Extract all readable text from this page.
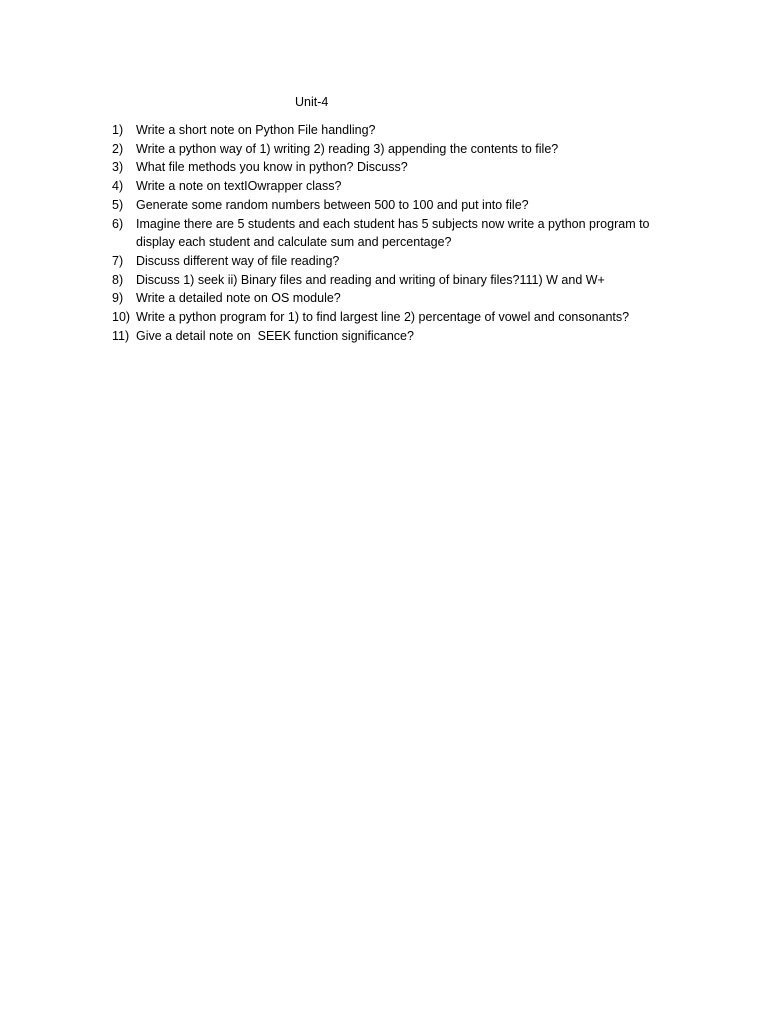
Unit-4
1)	Write a short note on Python File handling?
2)	Write a python way of 1) writing 2) reading 3) appending the contents to file?
3)	What file methods you know in python? Discuss?
4)	Write a note on textIOwrapper class?
5)	Generate some random numbers between 500 to 100 and put into file?
6)	Imagine there are 5 students and each student has 5 subjects now write a python program to
display each student and calculate sum and percentage?
7)	Discuss different way of file reading?
8)	Discuss 1) seek ii) Binary files and reading and writing of binary files?111) W and W+
9)	Write a detailed note on OS module?
10) Write a python program for 1) to find largest line 2) percentage of vowel and consonants?
11) Give a detail note on  SEEK function significance?
